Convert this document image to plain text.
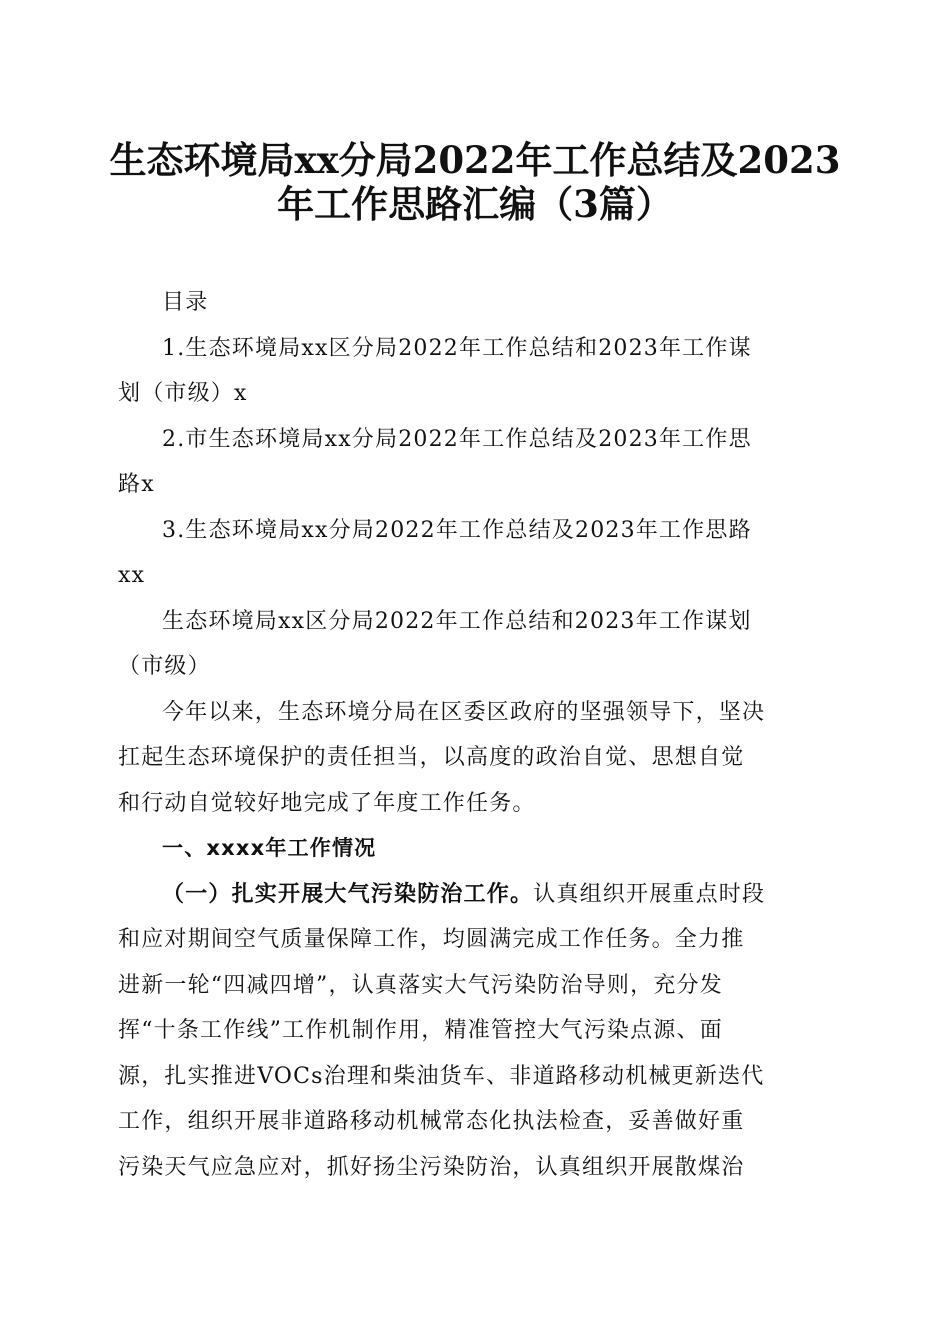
生态环境局xx分局2022年工作总结及2023
年工作思路汇编（3篇）

目录

1.生态环境局xx区分局2022年工作总结和2023年工作谋

划（市级）x

2.市生态环境局xx分局2022年工作总结及2023年工作思

路x

3.生态环境局xx分局2022年工作总结及2023年工作思路

xx

生态环境局xx区分局2022年工作总结和2023年工作谋划

（市级）

今年以来，生态环境分局在区委区政府的坚强领导下，坚决

扛起生态环境保护的责任担当，以高度的政治自觉、思想自觉

和行动自觉较好地完成了年度工作任务。

一、xxxx年工作情况

（一）扎实开展大气污染防治工作。认真组织开展重点时段

和应对期间空气质量保障工作，均圆满完成工作任务。全力推

进新一轮“四减四增”，认真落实大气污染防治导则，充分发

挥“十条工作线”工作机制作用，精准管控大气污染点源、面

源，扎实推进VOCs治理和柴油货车、非道路移动机械更新迭代

工作，组织开展非道路移动机械常态化执法检查，妥善做好重

污染天气应急应对，抓好扬尘污染防治，认真组织开展散煤治
